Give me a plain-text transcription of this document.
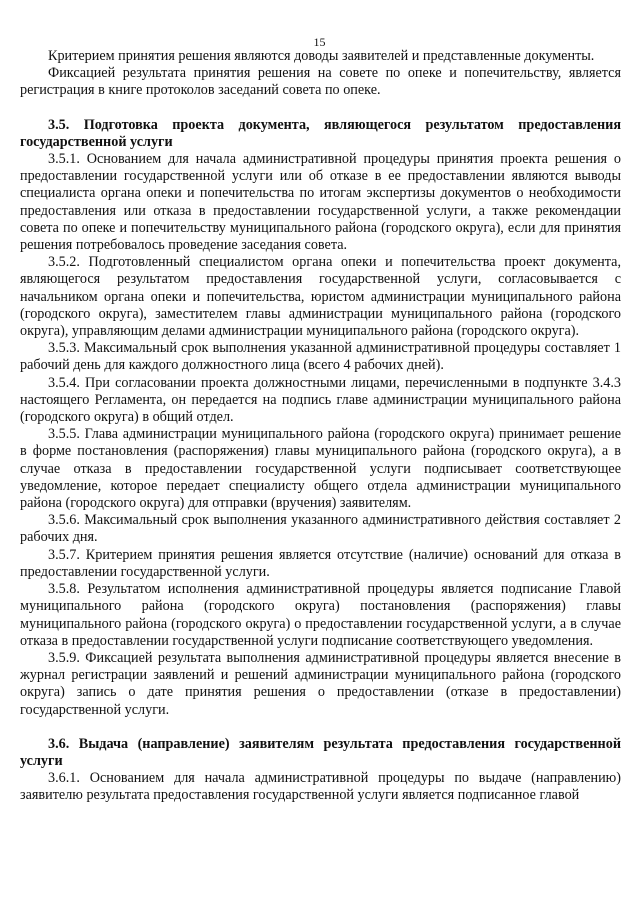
15

Критерием принятия решения являются доводы заявителей и представленные документы.

Фиксацией результата принятия решения на совете по опеке и попечительству, является регистрация в книге протоколов заседаний совета по опеке.

3.5. Подготовка проекта документа, являющегося результатом предоставления государственной услуги

3.5.1. Основанием для начала административной процедуры принятия проекта решения о предоставлении государственной услуги или об отказе в ее предоставлении являются выводы специалиста органа опеки и попечительства по итогам экспертизы документов о необходимости предоставления или отказа в предоставлении государственной услуги, а также рекомендации совета по опеке и попечительству муниципального района (городского округа), если для принятия решения потребовалось проведение заседания совета.

3.5.2. Подготовленный специалистом органа опеки и попечительства проект документа, являющегося результатом предоставления государственной услуги, согласовывается с начальником органа опеки и попечительства, юристом администрации муниципального района (городского округа), заместителем главы администрации муниципального района (городского округа), управляющим делами администрации муниципального района (городского округа).

3.5.3. Максимальный срок выполнения указанной административной процедуры составляет 1 рабочий день для каждого должностного лица (всего 4 рабочих дней).

3.5.4. При согласовании проекта должностными лицами, перечисленными в подпункте 3.4.3 настоящего Регламента, он передается на подпись главе администрации муниципального района (городского округа) в общий отдел.

3.5.5. Глава администрации муниципального района (городского округа) принимает решение в форме постановления (распоряжения) главы муниципального района (городского округа), а в случае отказа в предоставлении государственной услуги подписывает соответствующее уведомление, которое передает специалисту общего отдела администрации муниципального района (городского округа) для отправки (вручения) заявителям.

3.5.6. Максимальный срок выполнения указанного административного действия составляет 2 рабочих дня.

3.5.7. Критерием принятия решения является отсутствие (наличие) оснований для отказа в предоставлении государственной услуги.

3.5.8. Результатом исполнения административной процедуры является подписание Главой муниципального района (городского округа) постановления (распоряжения) главы муниципального района (городского округа) о предоставлении государственной услуги, а в случае отказа в предоставлении государственной услуги подписание соответствующего уведомления.

3.5.9. Фиксацией результата выполнения административной процедуры является внесение в журнал регистрации заявлений и решений администрации муниципального района (городского округа) запись о дате принятия решения о предоставлении (отказе в предоставлении) государственной услуги.

3.6. Выдача (направление) заявителям результата предоставления государственной услуги

3.6.1. Основанием для начала административной процедуры по выдаче (направлению) заявителю результата предоставления государственной услуги является подписанное главой
